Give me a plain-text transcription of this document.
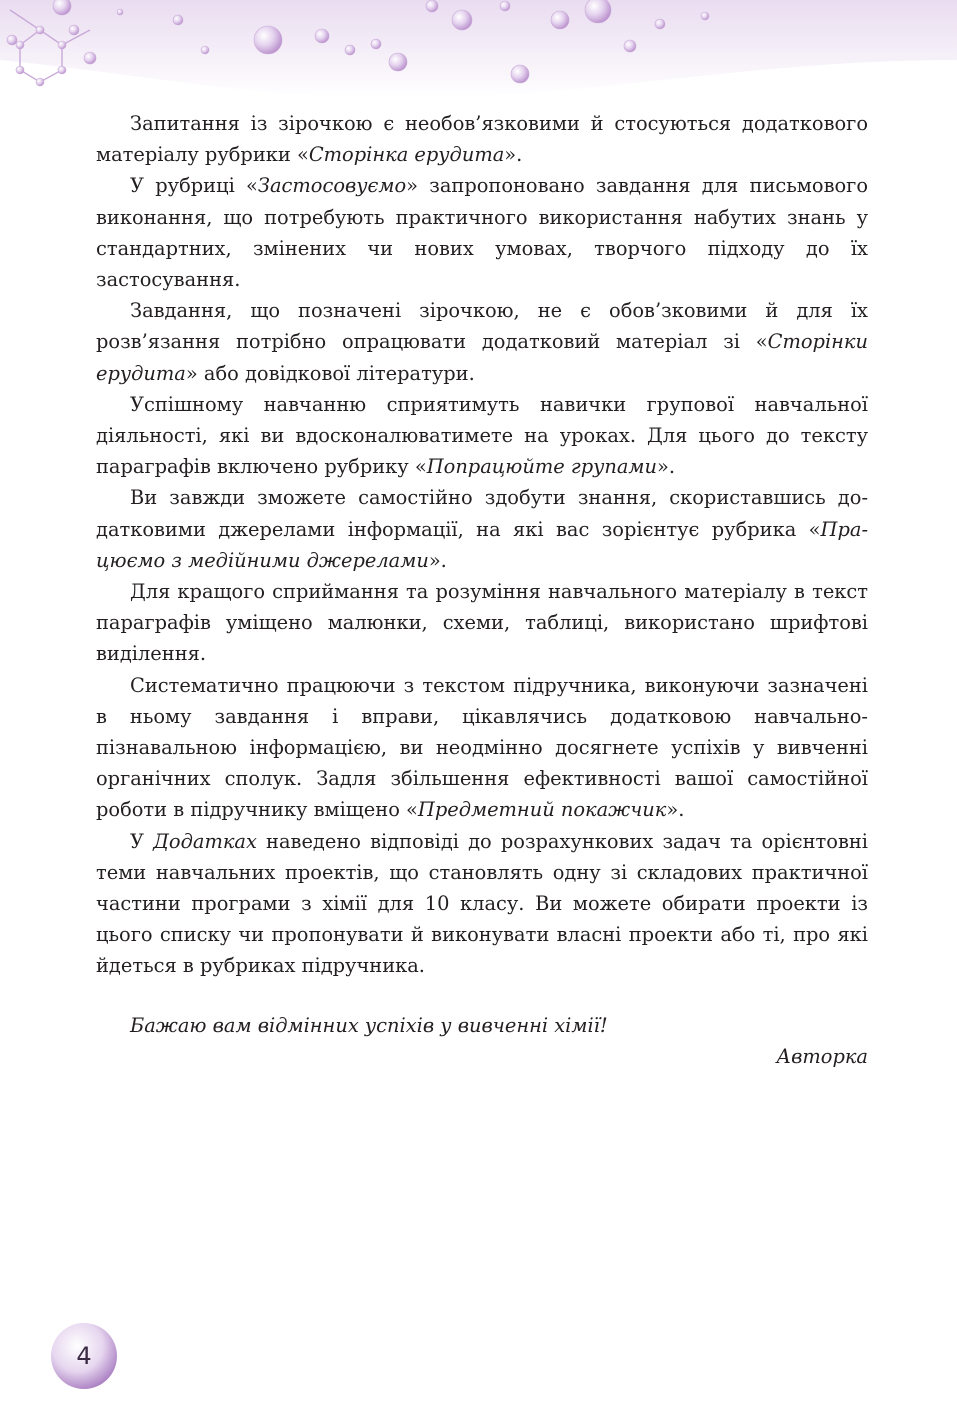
Запитання із зірочкою є необов’язковими й стосуються додаткового матеріалу рубрики «Сторінка ерудита».

У рубриці «Застосовуємо» запропоновано завдання для письмового виконання, що потребують практичного використання набутих знань у стандартних, змінених чи нових умовах, творчого підходу до їх застосування.

Завдання, що позначені зірочкою, не є обов’зковими й для їх розв’язання потрібно опрацювати додатковий матеріал зі «Сторінки ерудита» або довідкової літератури.

Успішному навчанню сприятимуть навички групової навчальної діяльності, які ви вдосконалюватимете на уроках. Для цього до тексту параграфів включено рубрику «Попрацюйте групами».

Ви завжди зможете самостійно здобути знання, скориставшись додатковими джерелами інформації, на які вас зорієнтує рубрика «Працюємо з медійними джерелами».

Для кращого сприймання та розуміння навчального матеріалу в текст параграфів уміщено малюнки, схеми, таблиці, використано шрифтові виділення.

Систематично працюючи з текстом підручника, виконуючи зазначені в ньому завдання і вправи, цікавлячись додатковою навчально-пізнавальною інформацією, ви неодмінно досягнете успіхів у вивченні органічних сполук. Задля збільшення ефективності вашої самостійної роботи в підручнику вміщено «Предметний покажчик».

У Додатках наведено відповіді до розрахункових задач та орієнтовні теми навчальних проектів, що становлять одну зі складових практичної частини програми з хімії для 10 класу. Ви можете обирати проекти із цього списку чи пропонувати й виконувати власні проекти або ті, про які йдеться в рубриках підручника.

Бажаю вам відмінних успіхів у вивченні хімії!

Авторка

4
